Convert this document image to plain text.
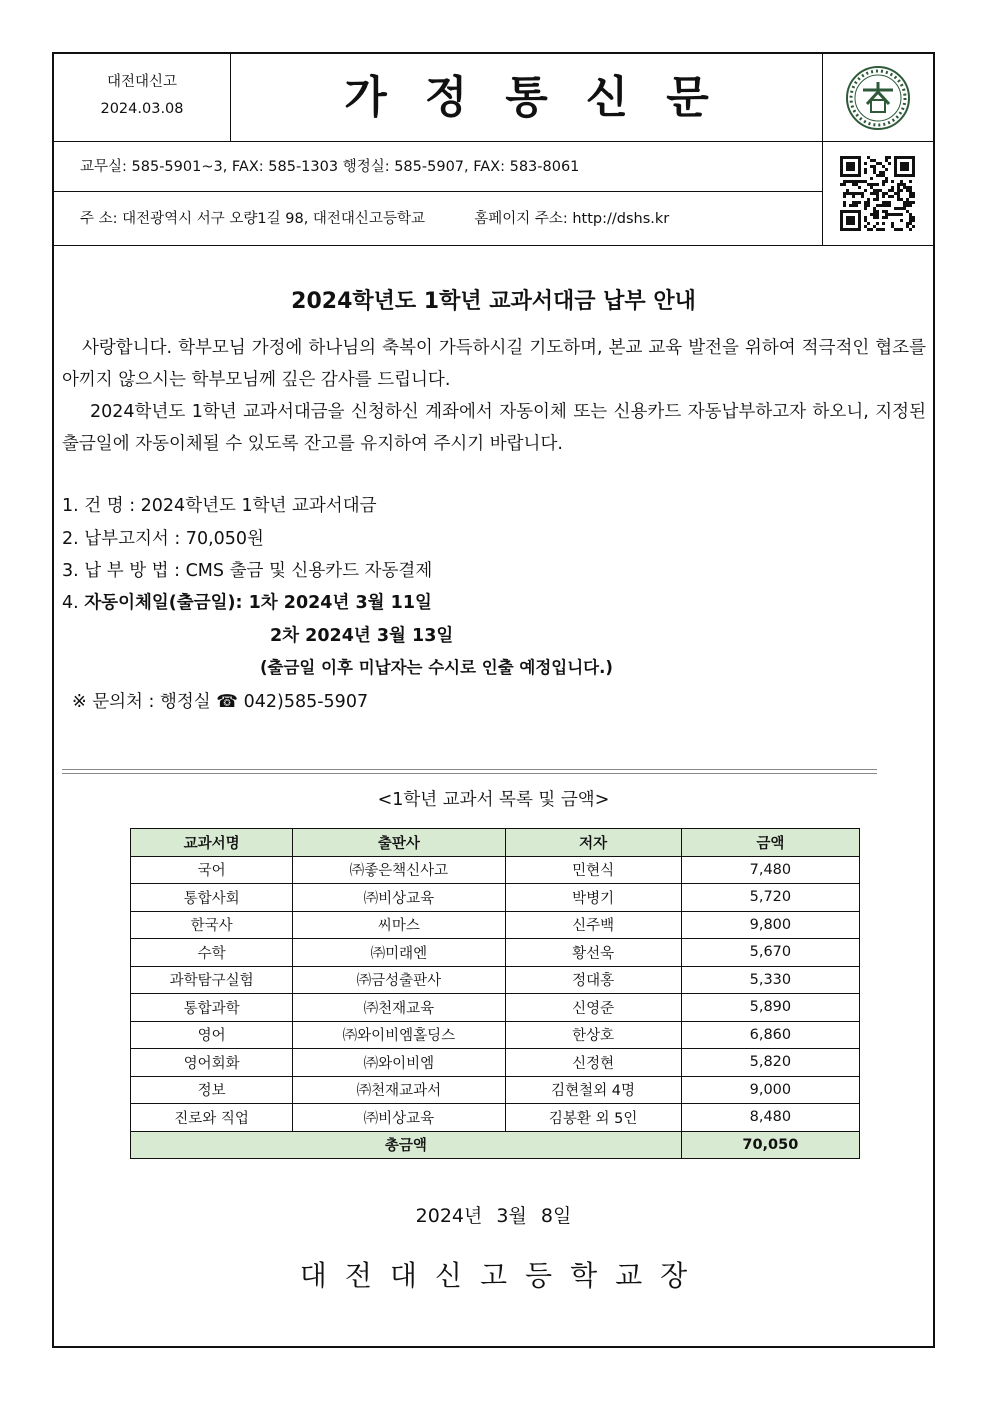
대전대신고
2024.03.08	가정통신문
교무실: 585-5901~3, FAX: 585-1303 행정실: 585-5907, FAX: 583-8061
주 소: 대전광역시 서구 오량1길 98, 대전대신고등학교	홈페이지 주소: http://dshs.kr
2024학년도 1학년 교과서대금 납부 안내
사랑합니다. 학부모님 가정에 하나님의 축복이 가득하시길 기도하며, 본교 교육 발전을 위하여 적극적인 협조를 아끼지 않으시는 학부모님께 깊은 감사를 드립니다.
2024학년도 1학년 교과서대금을 신청하신 계좌에서 자동이체 또는 신용카드 자동납부하고자 하오니, 지정된 출금일에 자동이체될 수 있도록 잔고를 유지하여 주시기 바랍니다.
1. 건 명 : 2024학년도 1학년 교과서대금
2. 납부고지서 : 70,050원
3. 납 부 방 법 : CMS 출금 및 신용카드 자동결제
4. 자동이체일(출금일): 1차 2024년 3월 11일
2차 2024년 3월 13일
(출금일 이후 미납자는 수시로 인출 예정입니다.)
※ 문의처 : 행정실 ☎ 042)585-5907
<1학년 교과서 목록 및 금액>
교과서명	출판사	저자	금액
국어	㈜좋은책신사고	민현식	7,480
통합사회	㈜비상교육	박병기	5,720
한국사	씨마스	신주백	9,800
수학	㈜미래엔	황선욱	5,670
과학탐구실험	㈜금성출판사	정대홍	5,330
통합과학	㈜천재교육	신영준	5,890
영어	㈜와이비엠홀딩스	한상호	6,860
영어회화	㈜와이비엠	신정현	5,820
정보	㈜천재교과서	김현철외 4명	9,000
진로와 직업	㈜비상교육	김봉환 외 5인	8,480
총금액			70,050
2024년 3월 8일
대전대신고등학교장
